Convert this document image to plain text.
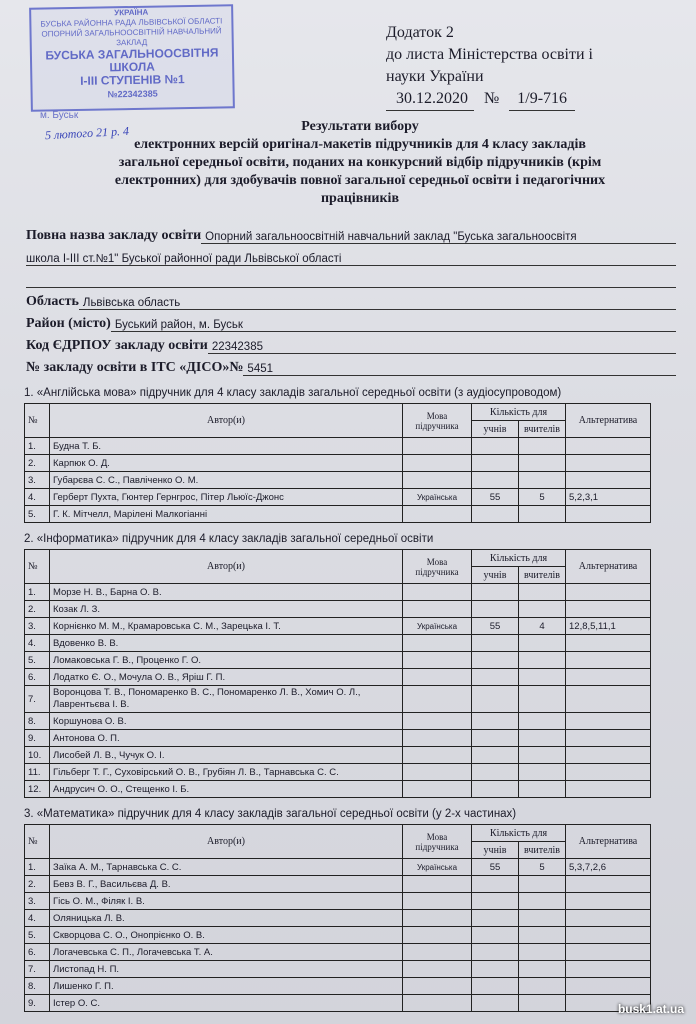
УКРАЇНА
БУСЬКА РАЙОННА РАДА ЛЬВІВСЬКОЇ ОБЛАСТІ
ОПОРНИЙ ЗАГАЛЬНООСВІТНІЙ НАВЧАЛЬНИЙ ЗАКЛАД
БУСЬКА ЗАГАЛЬНООСВІТНЯ ШКОЛА
I-III СТУПЕНІВ №1
№22342385
м. Буськ
5 лютого 21 р. 4
Додаток 2
до листа Міністерства освіти і
науки України
30.12.2020 № 1/9-716
Результати вибору
електронних версій оригінал-макетів підручників для 4 класу закладів
загальної середньої освіти, поданих на конкурсний відбір підручників (крім
електронних) для здобувачів повної загальної середньої освіти і педагогічних
працівників
Повна назва закладу освіти Опорний загальноосвітній навчальний заклад "Буська загальноосвітя
школа І-ІІІ ст.№1" Буської районної ради Львівської області
Область Львівська область
Район (місто) Буський район, м. Буськ
Код ЄДРПОУ закладу освіти 22342385
№ закладу освіти в ІТС «ДІСО»№ 5451
1. «Англійська мова» підручник для 4 класу закладів загальної середньої освіти (з аудіосупроводом)
№	Автор(и)	Мова підручника	Кількість для		Альтернатива
			учнів	вчителів	
1.	Будна Т. Б.				
2.	Карпюк О. Д.				
3.	Губарєва С. С., Павліченко О. М.				
4.	Герберт Пухта, Гюнтер Гернгрос, Пітер Льюїс-Джонс	Українська	55	5	5,2,3,1
5.	Г. К. Мітчелл, Марілені Малкогіанні				
2. «Інформатика» підручник для 4 класу закладів загальної середньої освіти
№	Автор(и)	Мова підручника	Кількість для		Альтернатива
			учнів	вчителів	
1.	Морзе Н. В., Барна О. В.				
2.	Козак Л. З.				
3.	Корнієнко М. М., Крамаровська С. М., Зарецька І. Т.	Українська	55	4	12,8,5,11,1
4.	Вдовенко В. В.				
5.	Ломаковська Г. В., Проценко Г. О.				
6.	Лодатко Є. О., Мочула О. В., Яріш Г. П.				
7.	Воронцова Т. В., Пономаренко В. С., Пономаренко Л. В., Хомич О. Л., Лаврентьєва І. В.				
8.	Коршунова О. В.				
9.	Антонова О. П.				
10.	Лисобей Л. В., Чучук О. І.				
11.	Гільберг Т. Г., Суховірський О. В., Грубіян Л. В., Тарнавська С. С.				
12.	Андрусич О. О., Стещенко І. Б.				
3. «Математика» підручник для 4 класу закладів загальної середньої освіти (у 2-х частинах)
№	Автор(и)	Мова підручника	Кількість для		Альтернатива
			учнів	вчителів	
1.	Заїка А. М., Тарнавська С. С.	Українська	55	5	5,3,7,2,6
2.	Бевз В. Г., Васильєва Д. В.				
3.	Гісь О. М., Філяк І. В.				
4.	Оляницька Л. В.				
5.	Скворцова С. О., Онопрієнко О. В.				
6.	Логачевська С. П., Логачевська Т. А.				
7.	Листопад Н. П.				
8.	Лишенко Г. П.				
9.	Істер О. С.					busk1.at.ua
